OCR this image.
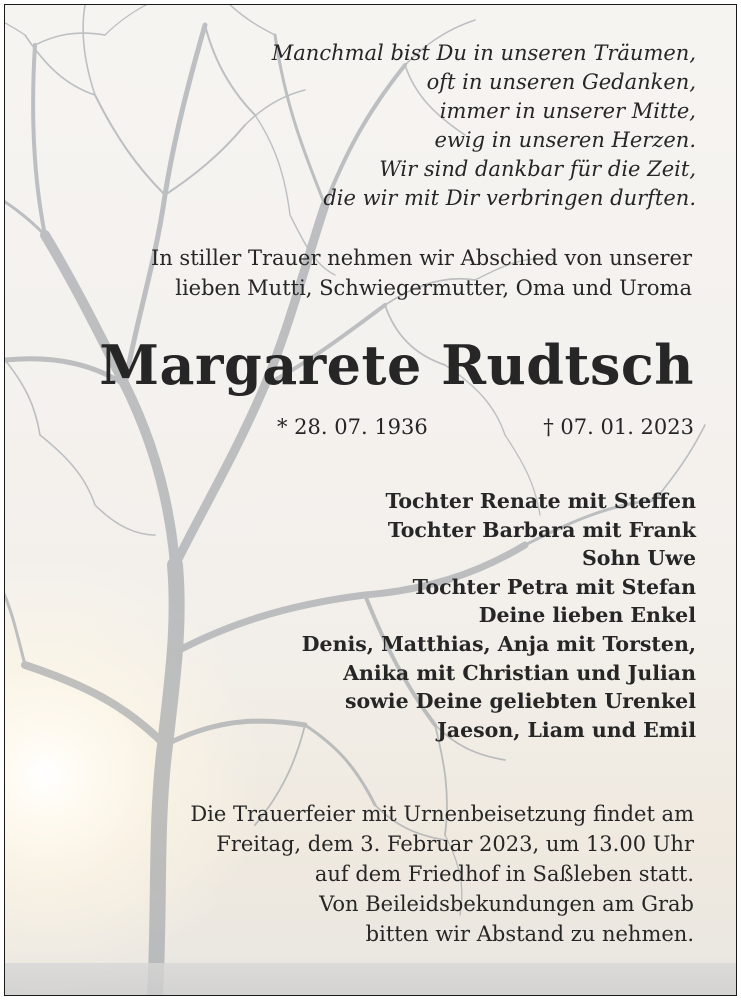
Manchmal bist Du in unseren Träumen,
oft in unseren Gedanken,
immer in unserer Mitte,
ewig in unseren Herzen.
Wir sind dankbar für die Zeit,
die wir mit Dir verbringen durften.
In stiller Trauer nehmen wir Abschied von unserer
lieben Mutti, Schwiegermutter, Oma und Uroma
Margarete Rudtsch
* 28. 07. 1936	† 07. 01. 2023
Tochter Renate mit Steffen
Tochter Barbara mit Frank
Sohn Uwe
Tochter Petra mit Stefan
Deine lieben Enkel
Denis, Matthias, Anja mit Torsten,
Anika mit Christian und Julian
sowie Deine geliebten Urenkel
Jaeson, Liam und Emil
Die Trauerfeier mit Urnenbeisetzung findet am
Freitag, dem 3. Februar 2023, um 13.00 Uhr
auf dem Friedhof in Saßleben statt.
Von Beileidsbekundungen am Grab
bitten wir Abstand zu nehmen.
